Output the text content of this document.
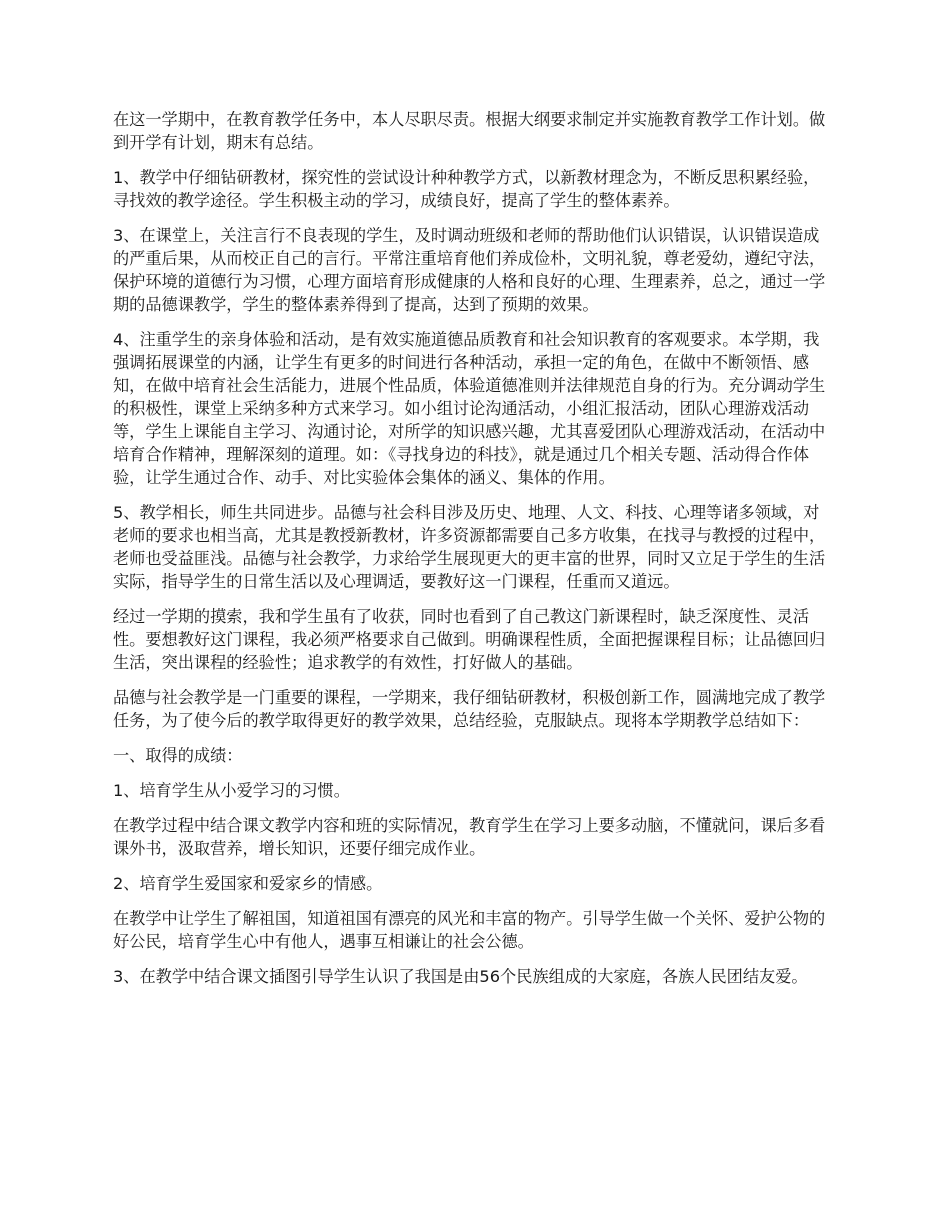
在这一学期中，在教育教学任务中，本人尽职尽责。根据大纲要求制定并实施教育教学工作计划。做到开学有计划，期末有总结。

1、教学中仔细钻研教材，探究性的尝试设计种种教学方式，以新教材理念为，不断反思积累经验，寻找效的教学途径。学生积极主动的学习，成绩良好，提高了学生的整体素养。

3、在课堂上，关注言行不良表现的学生，及时调动班级和老师的帮助他们认识错误，认识错误造成的严重后果，从而校正自己的言行。平常注重培育他们养成俭朴，文明礼貌，尊老爱幼，遵纪守法，保护环境的道德行为习惯，心理方面培育形成健康的人格和良好的心理、生理素养，总之，通过一学期的品德课教学，学生的整体素养得到了提高，达到了预期的效果。

4、注重学生的亲身体验和活动，是有效实施道德品质教育和社会知识教育的客观要求。本学期，我强调拓展课堂的内涵，让学生有更多的时间进行各种活动，承担一定的角色，在做中不断领悟、感知，在做中培育社会生活能力，进展个性品质，体验道德准则并法律规范自身的行为。充分调动学生的积极性，课堂上采纳多种方式来学习。如小组讨论沟通活动，小组汇报活动，团队心理游戏活动等，学生上课能自主学习、沟通讨论，对所学的知识感兴趣，尤其喜爱团队心理游戏活动，在活动中培育合作精神，理解深刻的道理。如：《寻找身边的科技》，就是通过几个相关专题、活动得合作体验，让学生通过合作、动手、对比实验体会集体的涵义、集体的作用。

5、教学相长，师生共同进步。品德与社会科目涉及历史、地理、人文、科技、心理等诸多领域，对老师的要求也相当高，尤其是教授新教材，许多资源都需要自己多方收集，在找寻与教授的过程中，老师也受益匪浅。品德与社会教学，力求给学生展现更大的更丰富的世界，同时又立足于学生的生活实际，指导学生的日常生活以及心理调适，要教好这一门课程，任重而又道远。

经过一学期的摸索，我和学生虽有了收获，同时也看到了自己教这门新课程时，缺乏深度性、灵活性。要想教好这门课程，我必须严格要求自己做到。明确课程性质，全面把握课程目标；让品德回归生活，突出课程的经验性；追求教学的有效性，打好做人的基础。

品德与社会教学是一门重要的课程，一学期来，我仔细钻研教材，积极创新工作，圆满地完成了教学任务，为了使今后的教学取得更好的教学效果，总结经验，克服缺点。现将本学期教学总结如下：

一、取得的成绩：

1、培育学生从小爱学习的习惯。

在教学过程中结合课文教学内容和班的实际情况，教育学生在学习上要多动脑，不懂就问，课后多看课外书，汲取营养，增长知识，还要仔细完成作业。

2、培育学生爱国家和爱家乡的情感。

在教学中让学生了解祖国，知道祖国有漂亮的风光和丰富的物产。引导学生做一个关怀、爱护公物的好公民，培育学生心中有他人，遇事互相谦让的社会公德。

3、在教学中结合课文插图引导学生认识了我国是由56个民族组成的大家庭，各族人民团结友爱。
